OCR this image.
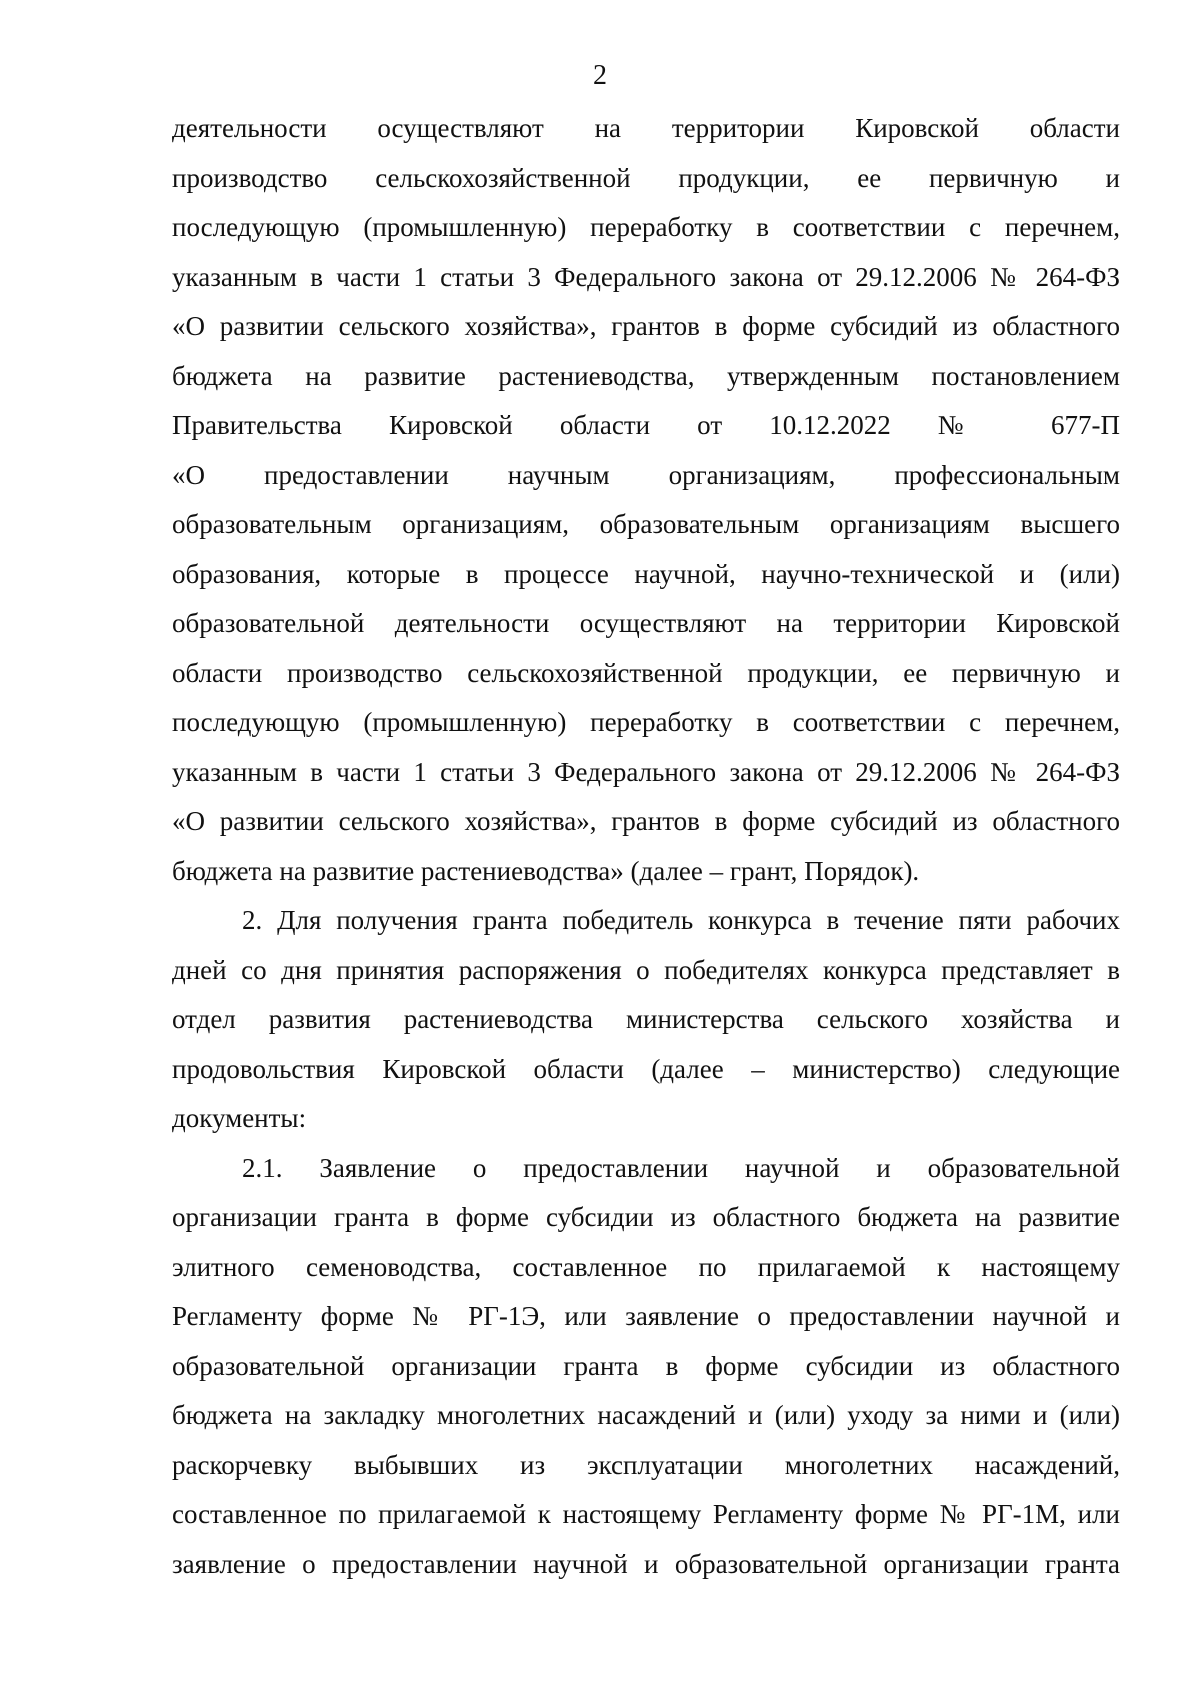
2

деятельности осуществляют на территории Кировской области
производство сельскохозяйственной продукции, ее первичную и
последующую (промышленную) переработку в соответствии с перечнем,
указанным в части 1 статьи 3 Федерального закона от 29.12.2006 № 264-ФЗ
«О развитии сельского хозяйства», грантов в форме субсидий из областного
бюджета на развитие растениеводства, утвержденным постановлением
Правительства Кировской области от 10.12.2022 № 677-П
«О предоставлении научным организациям, профессиональным
образовательным организациям, образовательным организациям высшего
образования, которые в процессе научной, научно-технической и (или)
образовательной деятельности осуществляют на территории Кировской
области производство сельскохозяйственной продукции, ее первичную и
последующую (промышленную) переработку в соответствии с перечнем,
указанным в части 1 статьи 3 Федерального закона от 29.12.2006 № 264-ФЗ
«О развитии сельского хозяйства», грантов в форме субсидий из областного
бюджета на развитие растениеводства» (далее – грант, Порядок).

2. Для получения гранта победитель конкурса в течение пяти рабочих
дней со дня принятия распоряжения о победителях конкурса представляет в
отдел развития растениеводства министерства сельского хозяйства и
продовольствия Кировской области (далее – министерство) следующие
документы:

2.1. Заявление о предоставлении научной и образовательной
организации гранта в форме субсидии из областного бюджета на развитие
элитного семеноводства, составленное по прилагаемой к настоящему
Регламенту форме № РГ-1Э, или заявление о предоставлении научной и
образовательной организации гранта в форме субсидии из областного
бюджета на закладку многолетних насаждений и (или) уходу за ними и (или)
раскорчевку выбывших из эксплуатации многолетних насаждений,
составленное по прилагаемой к настоящему Регламенту форме № РГ-1М, или
заявление о предоставлении научной и образовательной организации гранта
